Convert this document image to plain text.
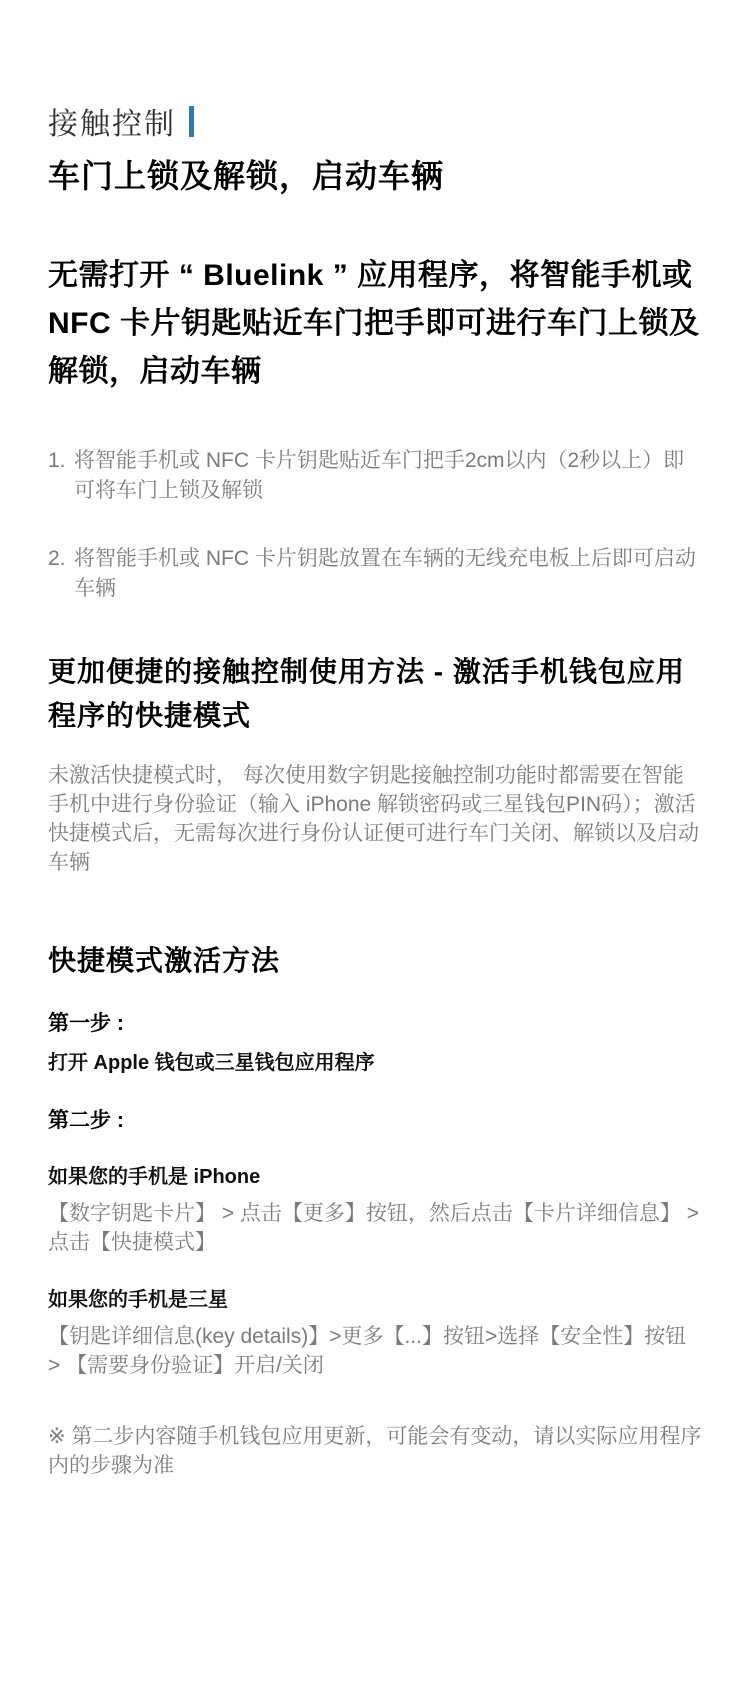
接触控制
车门上锁及解锁，启动车辆

无需打开 “ Bluelink ” 应用程序，将智能手机或 NFC 卡片钥匙贴近车门把手即可进行车门上锁及解锁，启动车辆

1. 将智能手机或 NFC 卡片钥匙贴近车门把手2cm以内（2秒以上）即可将车门上锁及解锁
2. 将智能手机或 NFC 卡片钥匙放置在车辆的无线充电板上后即可启动车辆
更加便捷的接触控制使用方法 - 激活手机钱包应用程序的快捷模式

未激活快捷模式时， 每次使用数字钥匙接触控制功能时都需要在智能手机中进行身份验证（输入 iPhone 解锁密码或三星钱包PIN码）；激活快捷模式后，无需每次进行身份认证便可进行车门关闭、解锁以及启动车辆

快捷模式激活方法
第一步 :
打开 Apple 钱包或三星钱包应用程序
第二步 :
如果您的手机是 iPhone

【数字钥匙卡片】 > 点击【更多】按钮，然后点击【卡片详细信息】 > 点击【快捷模式】

如果您的手机是三星

【钥匙详细信息(key details)】>更多【...】按钮>选择【安全性】按钮 > 【需要身份验证】开启/关闭

※ 第二步内容随手机钱包应用更新，可能会有变动，请以实际应用程序内的步骤为准
